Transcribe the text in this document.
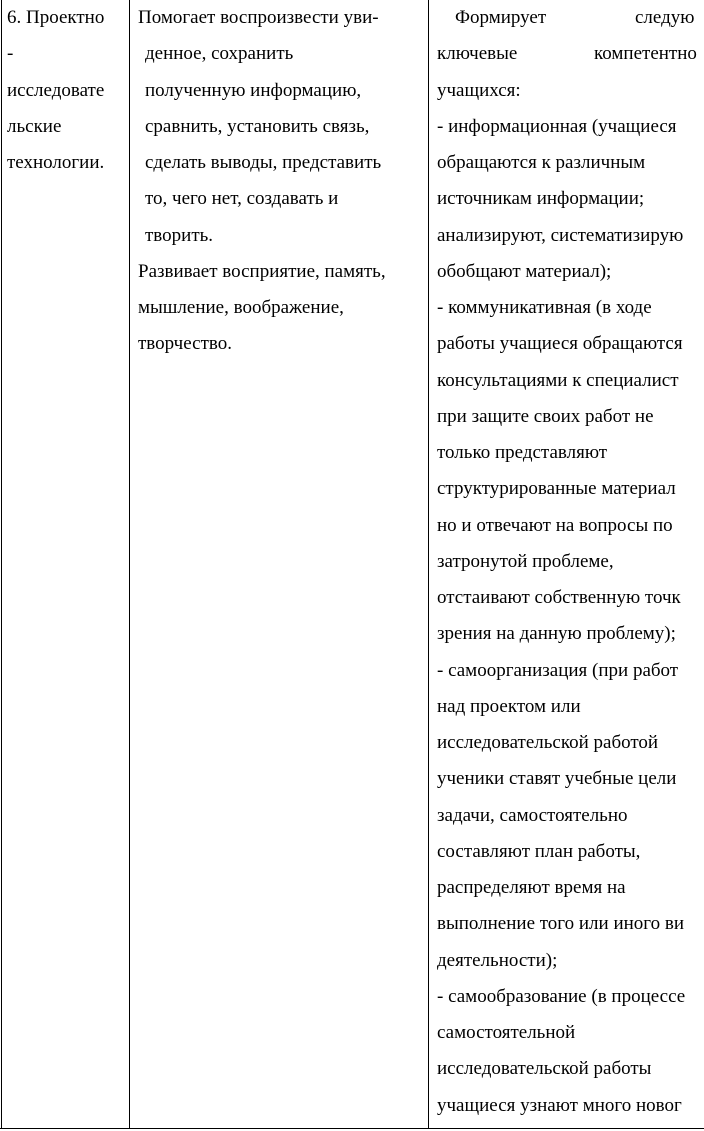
6. Проектно
-
исследовате
льские
технологии.
Помогает воспроизвести уви-
денное, сохранить
полученную информацию,
сравнить, установить связь,
сделать выводы, представить
то, чего нет, создавать и
творить.
Развивает восприятие, память,
мышление, воображение,
творчество.
Формирует	следую
ключевые	компетентно
учащихся:
- информационная (учащиеся
обращаются к различным
источникам информации;
анализируют, систематизирую
обобщают материал);
- коммуникативная (в ходе
работы учащиеся обращаются
консультациями к специалист
при защите своих работ не
только представляют
структурированные материал
но и отвечают на вопросы по
затронутой проблеме,
отстаивают собственную точк
зрения на данную проблему);
- самоорганизация (при работ
над проектом или
исследовательской работой
ученики ставят учебные цели
задачи, самостоятельно
составляют план работы,
распределяют время на
выполнение того или иного ви
деятельности);
- самообразование (в процессе
самостоятельной
исследовательской работы
учащиеся узнают много новог
